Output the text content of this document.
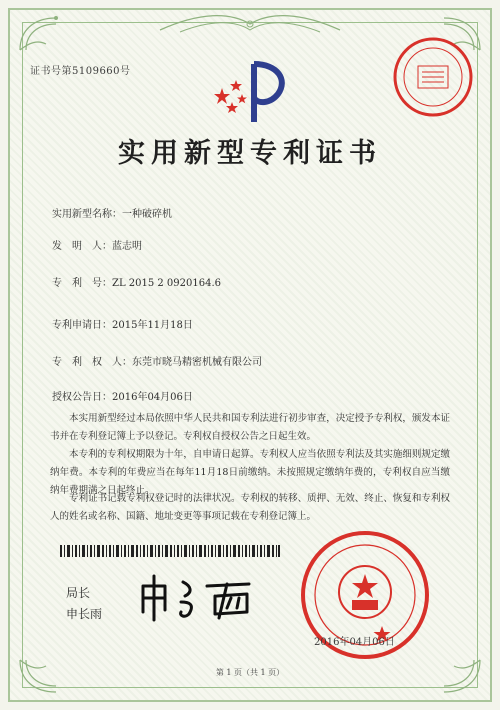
证书号第5109660号
实用新型专利证书
实用新型名称：一种破碎机
发　明　人：蓝志明
专　利　号：ZL 2015 2 0920164.6
专利申请日：2015年11月18日
专　利　权　人：东莞市晓马精密机械有限公司
授权公告日：2016年04月06日
　　本实用新型经过本局依照中华人民共和国专利法进行初步审查，决定授予专利权，颁发本证书并在专利登记簿上予以登记。专利权自授权公告之日起生效。
　　本专利的专利权期限为十年，自申请日起算。专利权人应当依照专利法及其实施细则规定缴纳年费。本专利的年费应当在每年11月18日前缴纳。未按照规定缴纳年费的，专利权自应当缴纳年费期满之日起终止。
　　专利证书记载专利权登记时的法律状况。专利权的转移、质押、无效、终止、恢复和专利权人的姓名或名称、国籍、地址变更等事项记载在专利登记簿上。
局长
申长雨
2016年04月06日
第 1 页（共 1 页）
